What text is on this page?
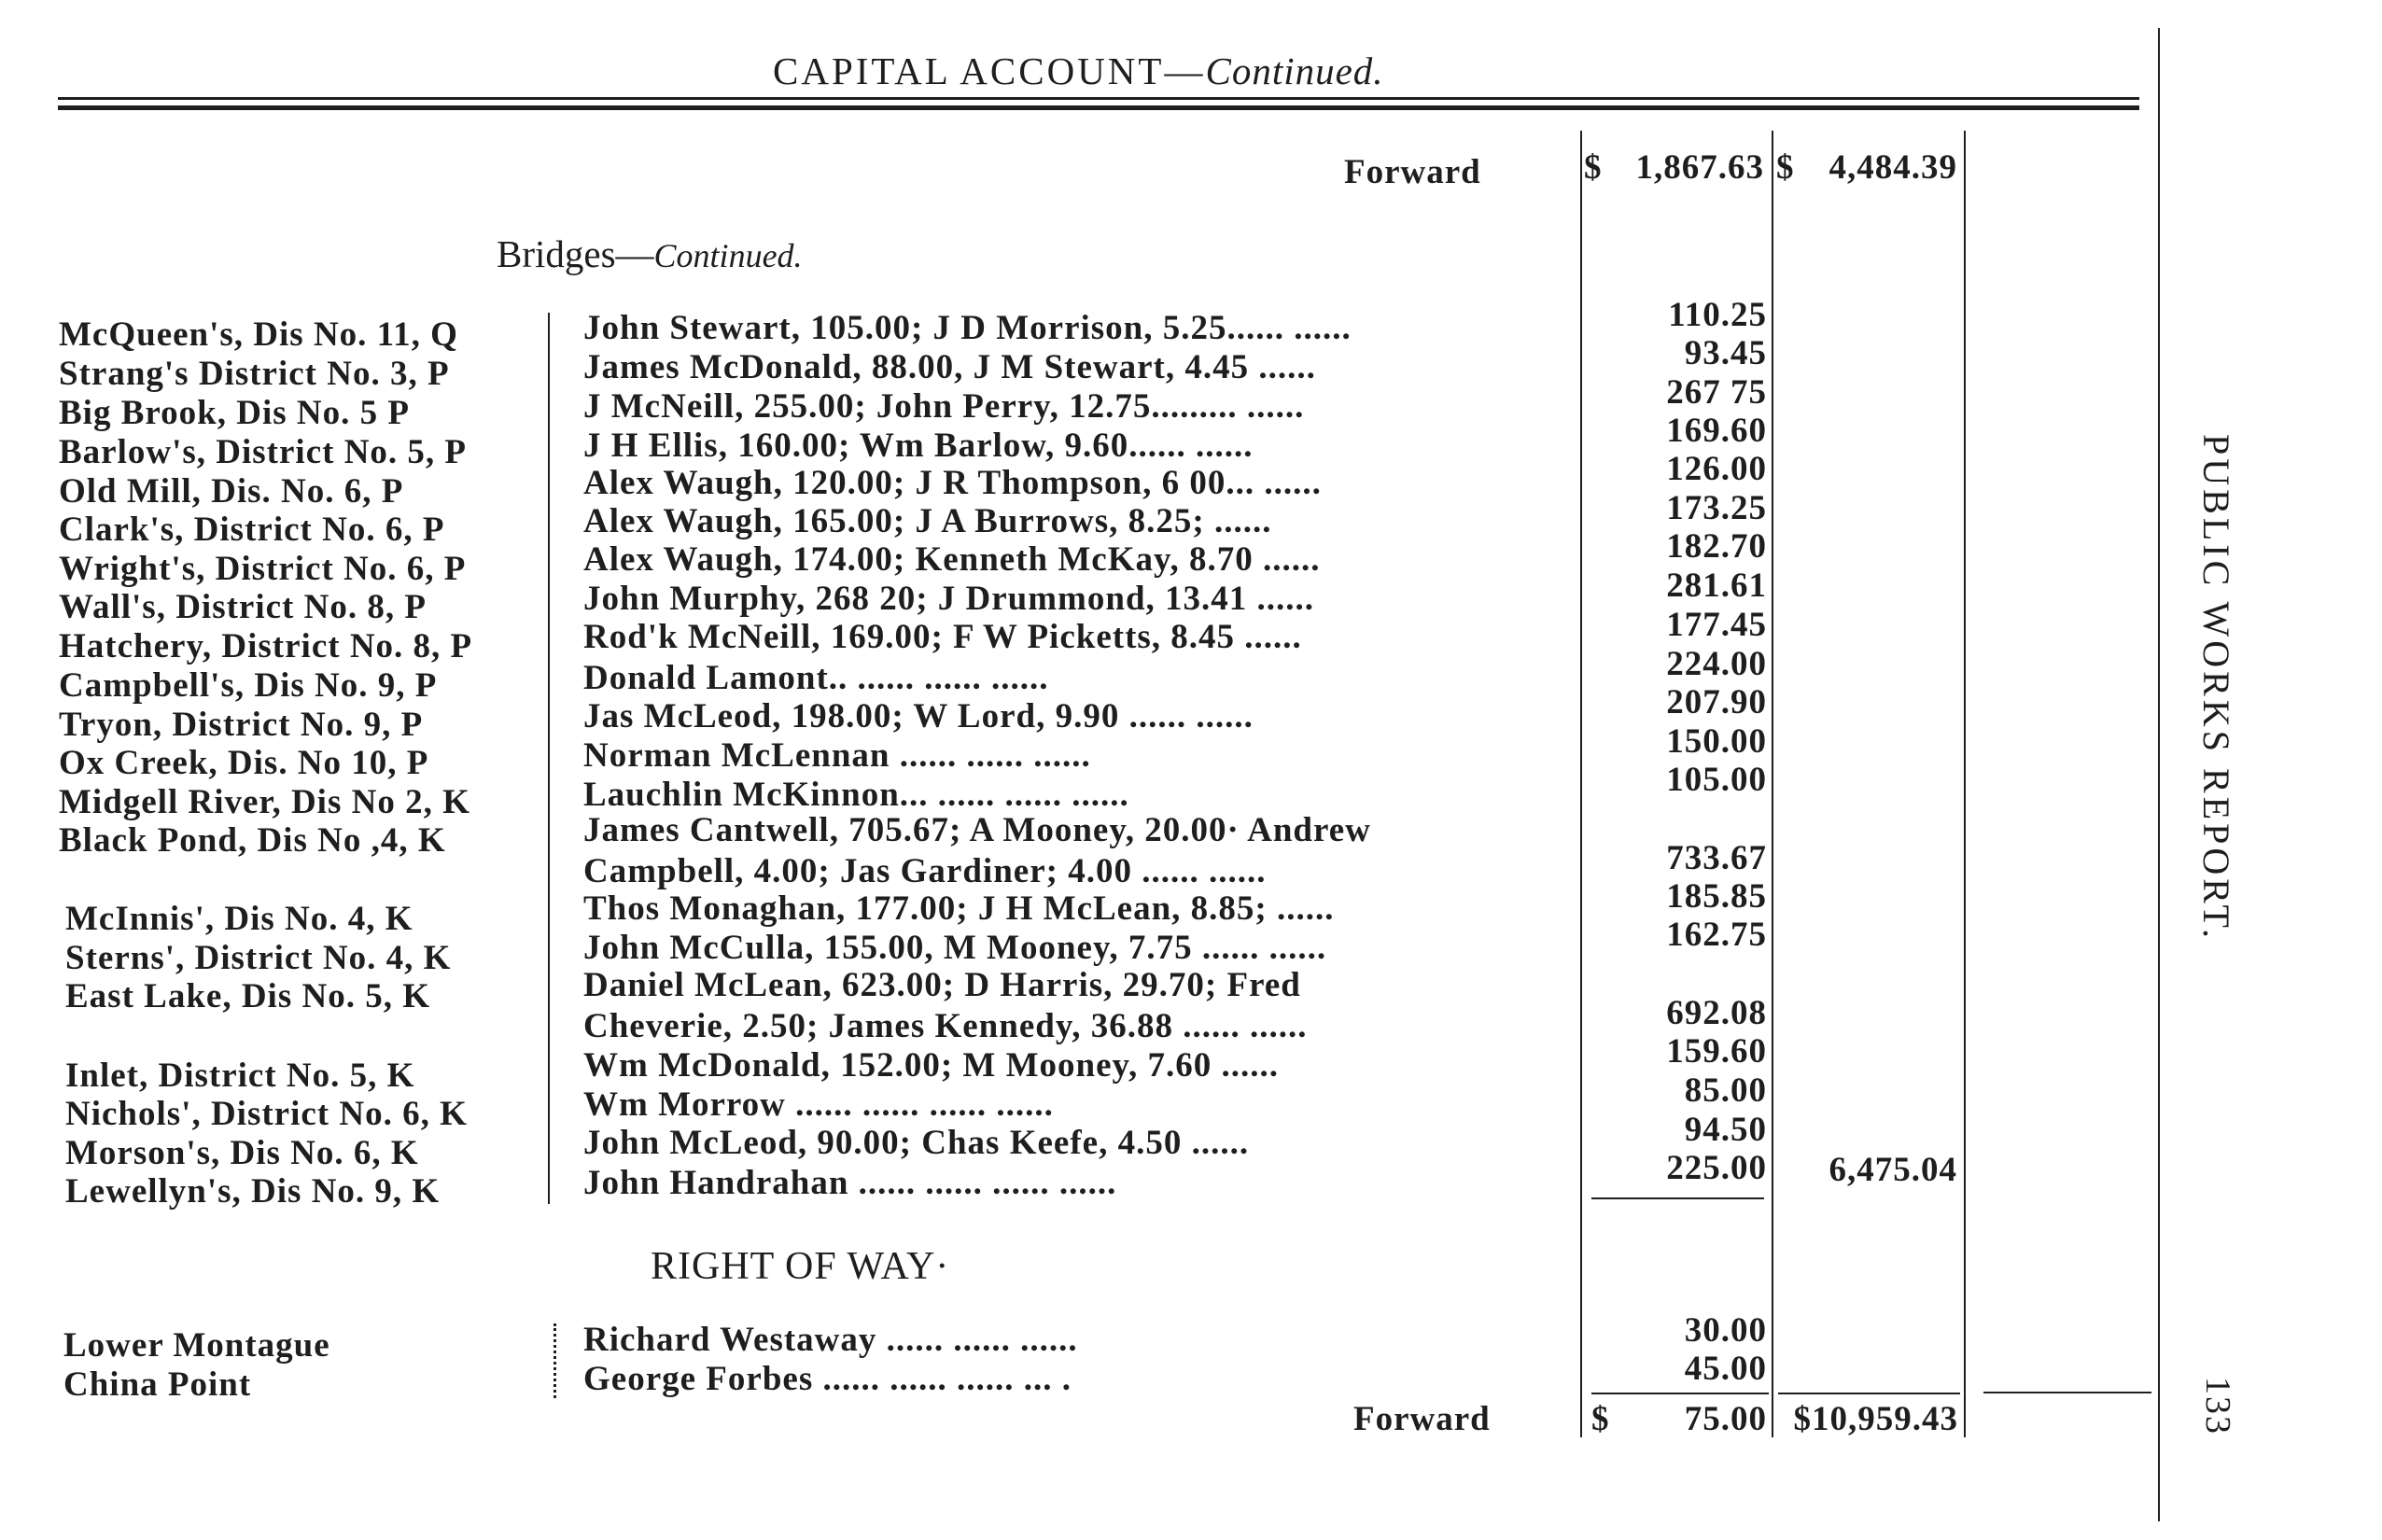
CAPITAL ACCOUNT—Continued.
Forward	$ 1,867.63 $	4,484.39
Bridges—Continued.
McQueen's, Dis No. 11, Q	John Stewart, 105.00; J D Morrison, 5.25...... ......	110.25
Strang's District No. 3, P	James McDonald, 88.00, J M Stewart, 4.45 ......	93.45
Big Brook, Dis No. 5 P	J McNeill, 255.00; John Perry, 12.75......... ......	267 75
Barlow's, District No. 5, P	J H Ellis, 160.00; Wm Barlow, 9.60...... ......	169.60
Old Mill, Dis. No. 6, P	Alex Waugh, 120.00; J R Thompson, 6 00... ......	126.00
Clark's, District No. 6, P	Alex Waugh, 165.00; J A Burrows, 8.25; ......	173.25
Wright's, District No. 6, P	Alex Waugh, 174.00; Kenneth McKay, 8.70 ......	182.70
Wall's, District No. 8, P	John Murphy, 268 20; J Drummond, 13.41 ......	281.61
Hatchery, District No. 8, P	Rod'k McNeill, 169.00; F W Picketts, 8.45 ......	177.45
Campbell's, Dis No. 9, P	Donald Lamont.. ...... ...... ......	224.00
Tryon, District No. 9, P	Jas McLeod, 198.00; W Lord, 9.90 ...... ......	207.90
Ox Creek, Dis. No 10, P	Norman McLennan ...... ...... ......	150.00
Midgell River, Dis No 2, K	Lauchlin McKinnon... ...... ...... ......	105.00
Black Pond, Dis No ,4, K	James Cantwell, 705.67; A Mooney, 20.00· Andrew
Campbell, 4.00; Jas Gardiner; 4.00 ...... ......	733.67
McInnis', Dis No. 4, K	Thos Monaghan, 177.00; J H McLean, 8.85; ......	185.85
Sterns', District No. 4, K	John McCulla, 155.00, M Mooney, 7.75 ...... ......	162.75
East Lake, Dis No. 5, K	Daniel McLean, 623.00; D Harris, 29.70; Fred
Cheverie, 2.50; James Kennedy, 36.88 ...... ......	692.08
Inlet, District No. 5, K	Wm McDonald, 152.00; M Mooney, 7.60 ......	159.60
Nichols', District No. 6, K	Wm Morrow ...... ...... ...... ......	85.00
Morson's, Dis No. 6, K	John McLeod, 90.00; Chas Keefe, 4.50 ......	94.50
Lewellyn's, Dis No. 9, K	John Handrahan ...... ...... ...... ......	225.00	6,475.04
RIGHT OF WAY·
Lower Montague	Richard Westaway ...... ...... ......	30.00
China Point	George Forbes ...... ...... ...... ... .	45.00
Forward	$	75.00 $10,959.43
PUBLIC WORKS REPORT.
133
